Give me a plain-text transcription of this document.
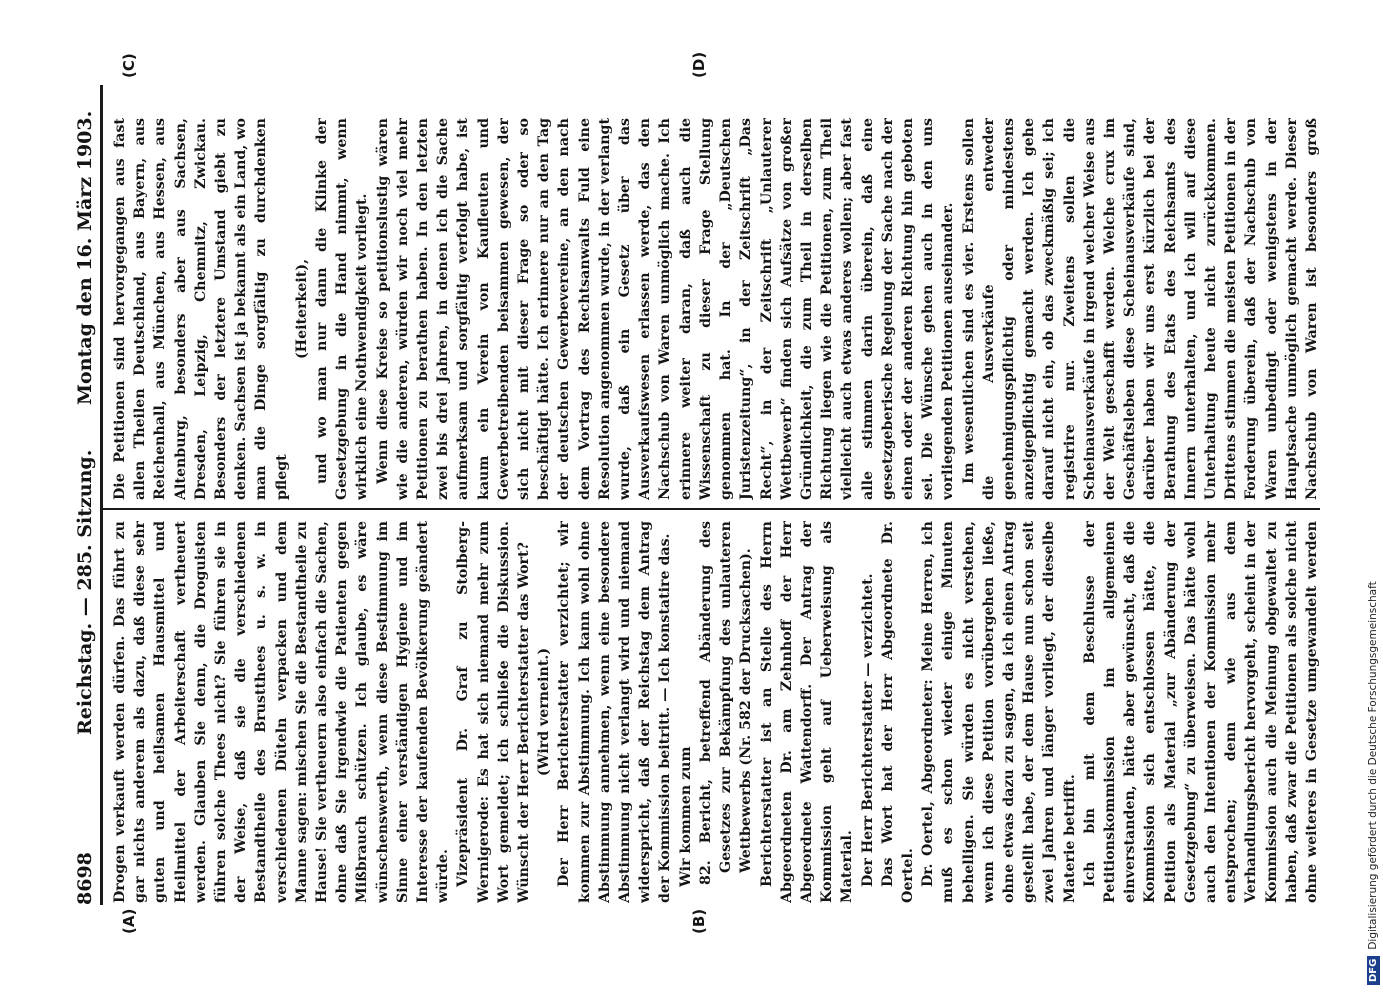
8698
Reichstag. — 285. Sitzung.
Montag den 16. März 1903.
(A)	(B)
(C)	(D)

Drogen verkauft werden dürfen. Das führt zu gar nichts anderem als dazu, daß diese sehr guten und heilsamen Hausmittel und Heilmittel der Arbeiterschaft vertheuert werden. Glauben Sie denn, die Droguisten führen solche Thees nicht? Sie führen sie in der Weise, daß sie die verschiedenen Bestandtheile des Brustthees u. s. w. in verschiedenen Düteln verpacken und dem Manne sagen: mischen Sie die Bestandtheile zu Hause! Sie vertheuern also einfach die Sachen, ohne daß Sie irgendwie die Patienten gegen Mißbrauch schützen. Ich glaube, es wäre wünschenswerth, wenn diese Bestimmung im Sinne einer verständigen Hygiene und im Interesse der kaufenden Bevölkerung geändert würde. Vizepräsident Dr. Graf zu Stolberg-Wernigerode: Es hat sich niemand mehr zum Wort gemeldet; ich schließe die Diskussion. Wünscht der Herr Berichterstatter das Wort? (Wird verneint.) Der Herr Berichterstatter verzichtet; wir kommen zur Abstimmung. Ich kann wohl ohne Abstimmung annehmen, wenn eine besondere Abstimmung nicht verlangt wird und niemand widerspricht, daß der Reichstag dem Antrag der Kommission beitritt. — Ich konstatire das. Wir kommen zum 82. Bericht, betreffend Abänderung des Gesetzes zur Bekämpfung des unlauteren Wettbewerbs (Nr. 582 der Drucksachen). Berichterstatter ist an Stelle des Herrn Abgeordneten Dr. am Zehnhoff der Herr Abgeordnete Wattendorff. Der Antrag der Kommission geht auf Ueberweisung als Material. Der Herr Berichterstatter — verzichtet. Das Wort hat der Herr Abgeordnete Dr. Oertel. Dr. Oertel, Abgeordneter: Meine Herren, ich muß es schon wieder einige Minuten behelligen. Sie würden es nicht verstehen, wenn ich diese Petition vorübergehen ließe, ohne etwas dazu zu sagen, da ich einen Antrag gestellt habe, der dem Hause nun schon seit zwei Jahren und länger vorliegt, der dieselbe Materie betrifft. Ich bin mit dem Beschlusse der Petitionskommission im allgemeinen einverstanden, hätte aber gewünscht, daß die Kommission sich entschlossen hätte, die Petition als Material „zur Abänderung der Gesetzgebung“ zu überweisen. Das hätte wohl auch den Intentionen der Kommission mehr entsprochen; denn wie aus dem Verhandlungsbericht hervorgeht, scheint in der Kommission auch die Meinung obgewaltet zu haben, daß zwar die Petitionen als solche nicht ohne weiteres in Gesetze umgewandelt werden

Die Petitionen sind hervorgegangen aus fast allen Theilen Deutschland, aus Bayern, aus Reichenhall, aus München, aus Hessen, aus Altenburg, besonders aber aus Sachsen, Dresden, Leipzig, Chemnitz, Zwickau. Besonders der letztere Umstand giebt zu denken. Sachsen ist ja bekannt als ein Land, wo man die Dinge sorgfältig zu durchdenken pflegt

(Heiterkeit), und wo man nur dann die Klinke der Gesetzgebung in die Hand nimmt, wenn wirklich eine Nothwendigkeit vorliegt. Wenn diese Kreise so petitionslustig wären wie die anderen, würden wir noch viel mehr Petitionen zu berathen haben. In den letzten zwei bis drei Jahren, in denen ich die Sache aufmerksam und sorgfältig verfolgt habe, ist kaum ein Verein von Kaufleuten und Gewerbetreibenden beisammen gewesen, der sich nicht mit dieser Frage so oder so beschäftigt hätte. Ich erinnere nur an den Tag der deutschen Gewerbevereine, an den nach dem Vortrag des Rechtsanwalts Fuld eine Resolution angenommen wurde, in der verlangt wurde, daß ein Gesetz über das Ausverkaufswesen erlassen werde, das den Nachschub von Waren unmöglich mache. Ich erinnere weiter daran, daß auch die Wissenschaft zu dieser Frage Stellung genommen hat. In der „Deutschen Juristenzeitung“, in der Zeitschrift „Das Recht“, in der Zeitschrift „Unlauterer Wettbewerb“ finden sich Aufsätze von großer Gründlichkeit, die zum Theil in derselben Richtung liegen wie die Petitionen, zum Theil vielleicht auch etwas anderes wollen; aber fast alle stimmen darin überein, daß eine gesetzgeberische Regelung der Sache nach der einen oder der anderen Richtung hin geboten sei. Die Wünsche gehen auch in den uns vorliegenden Petitionen auseinander. Im wesentlichen sind es vier. Erstens sollen die Ausverkäufe entweder genehmigungspflichtig oder mindestens anzeigepflichtig gemacht werden. Ich gehe darauf nicht ein, ob das zweckmäßig sei; ich registrire nur. Zweitens sollen die Scheinausverkäufe in irgend welcher Weise aus der Welt geschafft werden. Welche crux im Geschäftsleben diese Scheinausverkäufe sind, darüber haben wir uns erst kürzlich bei der Berathung des Etats des Reichsamts des Innern unterhalten, und ich will auf diese Unterhaltung heute nicht zurückkommen. Drittens stimmen die meisten Petitionen in der Forderung überein, daß der Nachschub von Waren unbedingt oder wenigstens in der Hauptsache unmöglich gemacht werde. Dieser Nachschub von Waren ist besonders groß

DFGDigitalisierung gefördert durch die Deutsche Forschungsgemeinschaft
